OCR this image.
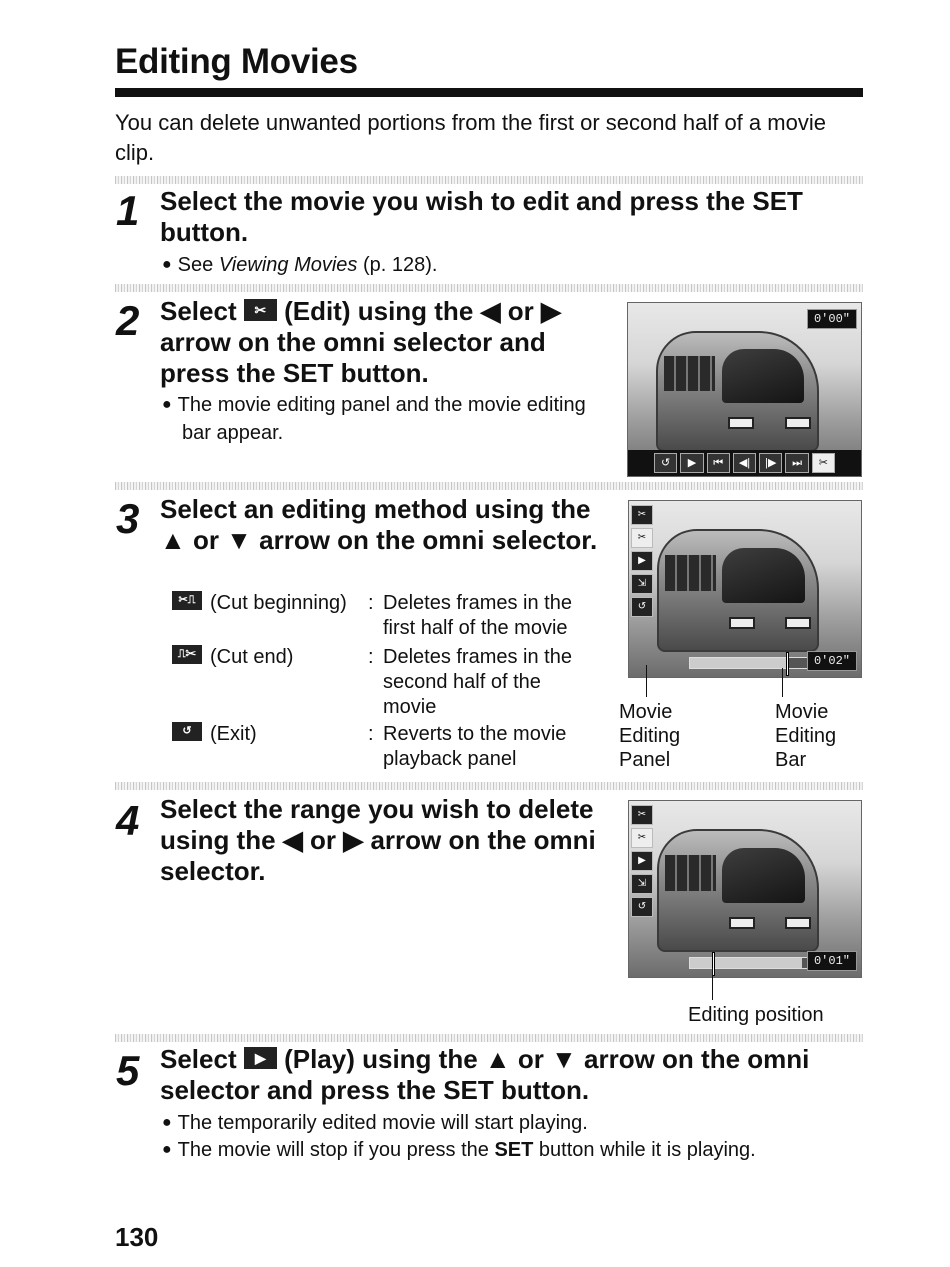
Editing Movies
You can delete unwanted portions from the first or second half of a movie clip.
1 Select the movie you wish to edit and press the SET button.
● See Viewing Movies (p. 128).
2 Select ✂ (Edit) using the ◀ or ▶ arrow on the omni selector and press the SET button.
● The movie editing panel and the movie editing bar appear.
0'00"
↺	▶	⏮	◀|	|▶	⏭	✂
3 Select an editing method using the ▲ or ▼ arrow on the omni selector.
✂⎍ (Cut beginning) : Deletes frames in the first half of the movie
⎍✂ (Cut end)	: Deletes frames in the second half of the movie
↺ (Exit)	: Reverts to the movie playback panel
✂
✂
▶
⇲
↺
0'02"
Movie Editing Panel
Movie Editing Bar
4 Select the range you wish to delete using the ◀ or ▶ arrow on the omni selector.
✂
✂
▶
⇲
↺
0'01"
Editing position
5 Select ▶ (Play) using the ▲ or ▼ arrow on the omni selector and press the SET button.
● The temporarily edited movie will start playing.
● The movie will stop if you press the SET button while it is playing.
130
